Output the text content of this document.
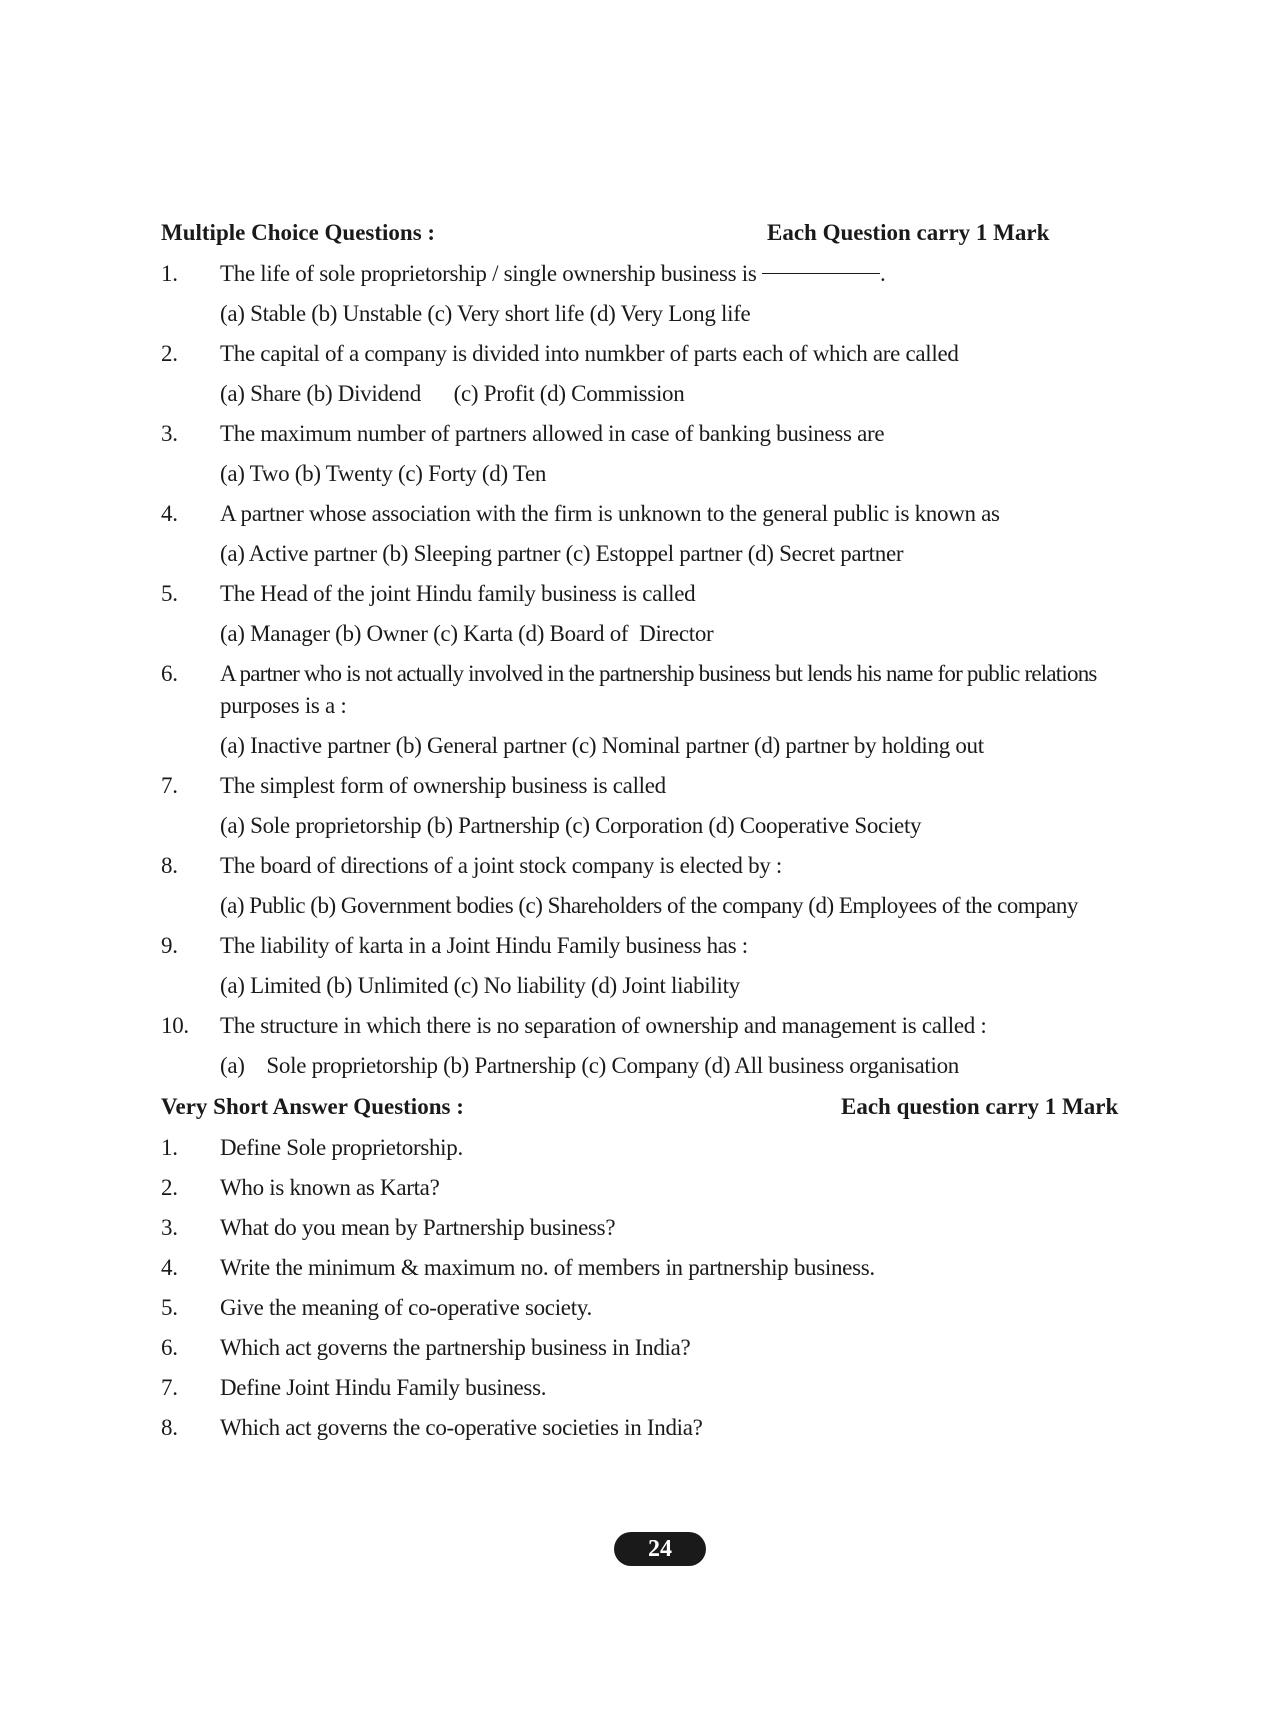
Multiple Choice Questions :	Each Question carry 1 Mark
1. The life of sole proprietorship / single ownership business is	.
(a) Stable (b) Unstable (c) Very short life (d) Very Long life
2. The capital of a company is divided into numkber of parts each of which are called
(a) Share (b) Dividend      (c) Profit (d) Commission
3. The maximum number of partners allowed in case of banking business are
(a) Two (b) Twenty (c) Forty (d) Ten
4. A partner whose association with the firm is unknown to the general public is known as
(a) Active partner (b) Sleeping partner (c) Estoppel partner (d) Secret partner
5. The Head of the joint Hindu family business is called
(a) Manager (b) Owner (c) Karta (d) Board of  Director
6. A partner who is not actually involved in the partnership business but lends his name for public relations
purposes is a :
(a) Inactive partner (b) General partner (c) Nominal partner (d) partner by holding out
7. The simplest form of ownership business is called
(a) Sole proprietorship (b) Partnership (c) Corporation (d) Cooperative Society
8. The board of directions of a joint stock company is elected by :
(a) Public (b) Government bodies (c) Shareholders of the company (d) Employees of the company
9. The liability of karta in a Joint Hindu Family business has :
(a) Limited (b) Unlimited (c) No liability (d) Joint liability
10. The structure in which there is no separation of ownership and management is called :
(a)    Sole proprietorship (b) Partnership (c) Company (d) All business organisation
Very Short Answer Questions :	Each question carry 1 Mark
1. Define Sole proprietorship.
2. Who is known as Karta?
3. What do you mean by Partnership business?
4. Write the minimum & maximum no. of members in partnership business.
5. Give the meaning of co-operative society.
6. Which act governs the partnership business in India?
7. Define Joint Hindu Family business.
8. Which act governs the co-operative societies in India?
24
